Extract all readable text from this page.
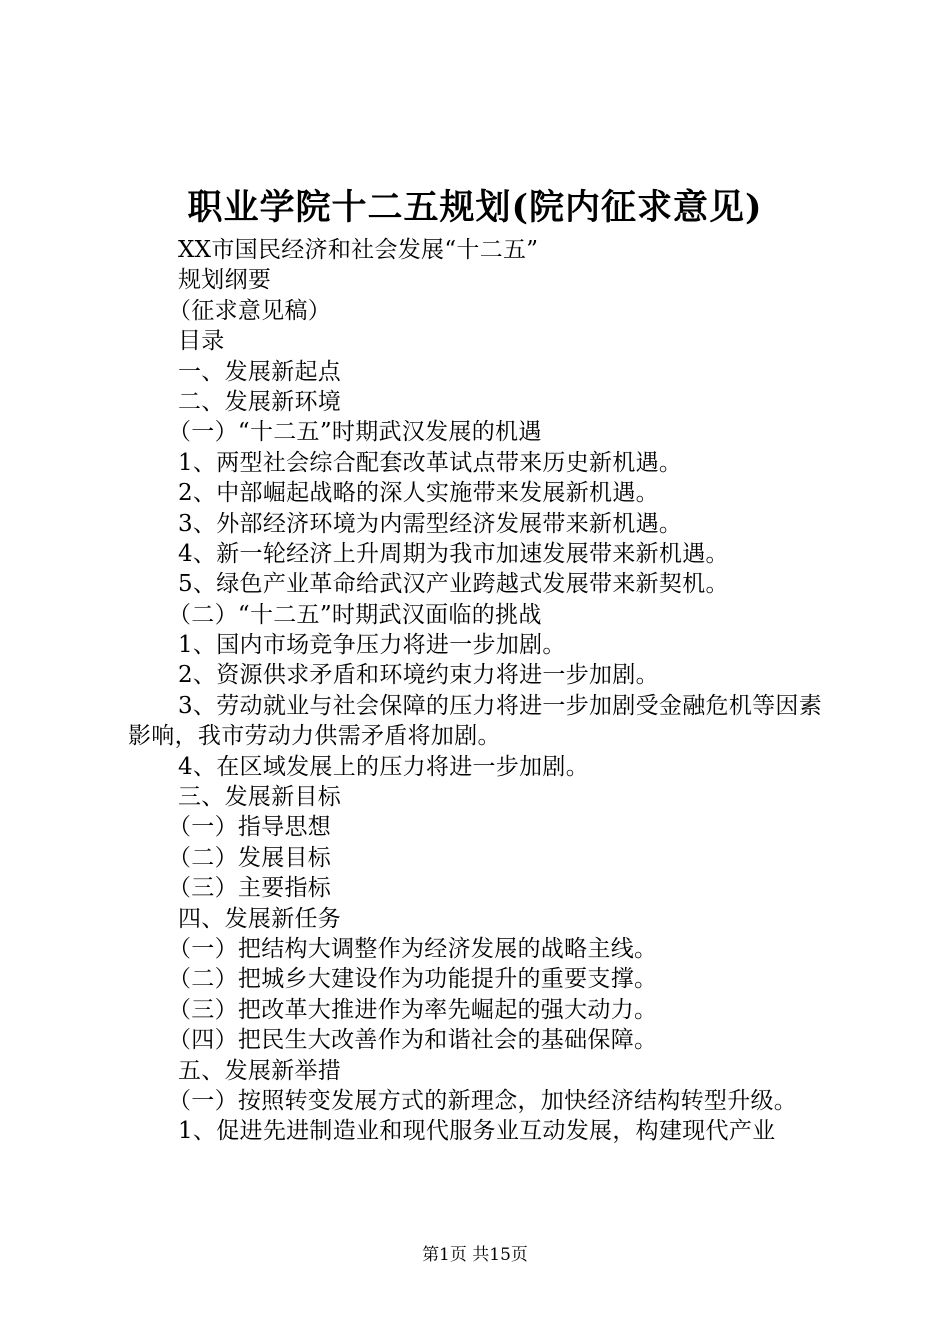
职业学院十二五规划(院内征求意见)
XX市国民经济和社会发展“十二五”
规划纲要
（征求意见稿）
目录
一、发展新起点
二、发展新环境
（一）“十二五”时期武汉发展的机遇
1、两型社会综合配套改革试点带来历史新机遇。
2、中部崛起战略的深人实施带来发展新机遇。
3、外部经济环境为内需型经济发展带来新机遇。
4、新一轮经济上升周期为我市加速发展带来新机遇。
5、绿色产业革命给武汉产业跨越式发展带来新契机。
（二）“十二五”时期武汉面临的挑战
1、国内市场竞争压力将进一步加剧。
2、资源供求矛盾和环境约束力将进一步加剧。
3、劳动就业与社会保障的压力将进一步加剧受金融危机等因素影响，我市劳动力供需矛盾将加剧。
4、在区域发展上的压力将进一步加剧。
三、发展新目标
（一）指导思想
（二）发展目标
（三）主要指标
四、发展新任务
（一）把结构大调整作为经济发展的战略主线。
（二）把城乡大建设作为功能提升的重要支撑。
（三）把改革大推进作为率先崛起的强大动力。
（四）把民生大改善作为和谐社会的基础保障。
五、发展新举措
（一）按照转变发展方式的新理念，加快经济结构转型升级。
1、促进先进制造业和现代服务业互动发展，构建现代产业
第1页 共15页
